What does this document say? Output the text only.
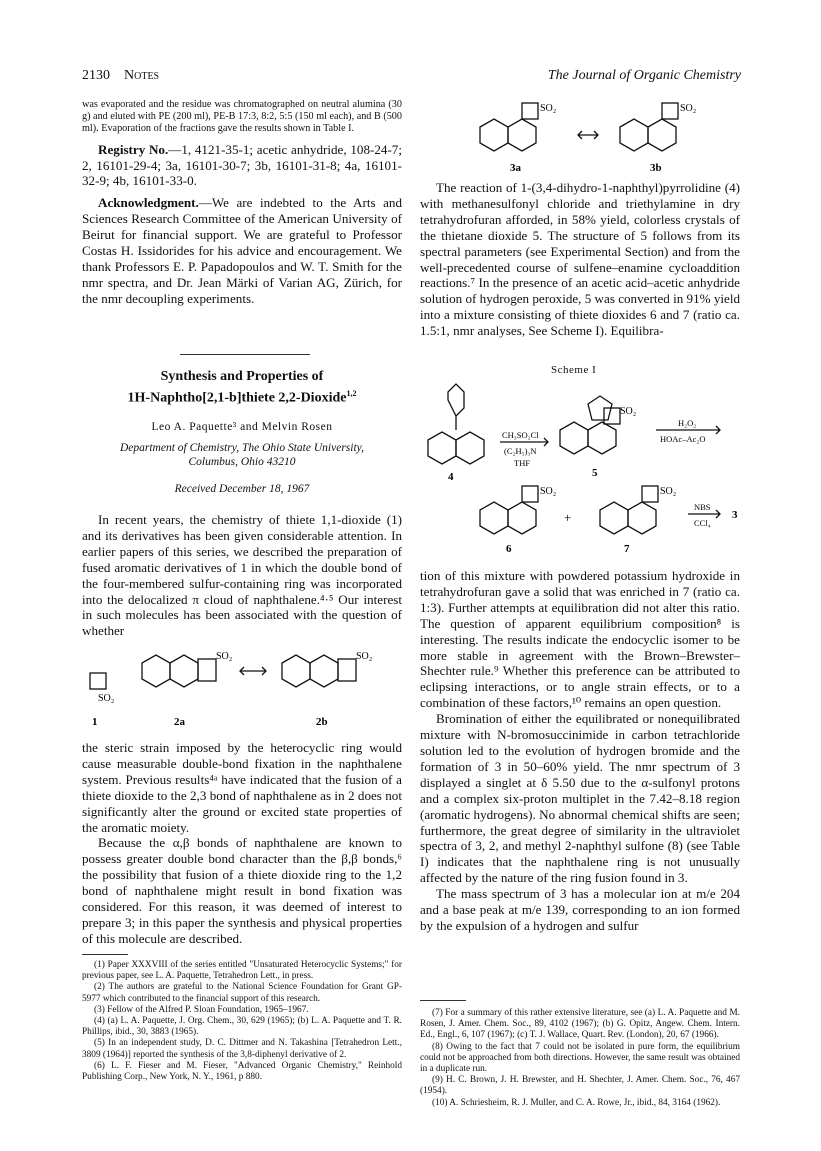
2130 Notes	The Journal of Organic Chemistry

was evaporated and the residue was chromatographed on neutral alumina (30 g) and eluted with PE (200 ml), PE-B 17:3, 8:2, 5:5 (150 ml each), and B (500 ml). Evaporation of the fractions gave the results shown in Table I.

Registry No.—1, 4121-35-1; acetic anhydride, 108-24-7; 2, 16101-29-4; 3a, 16101-30-7; 3b, 16101-31-8; 4a, 16101-32-9; 4b, 16101-33-0.

Acknowledgment.—We are indebted to the Arts and Sciences Research Committee of the American University of Beirut for financial support. We are grateful to Professor Costas H. Issidorides for his advice and encouragement. We thank Professors E. P. Papadopoulos and W. T. Smith for the nmr spectra, and Dr. Jean Märki of Varian AG, Zürich, for the nmr decoupling experiments.

Synthesis and Properties of
1H-Naphtho[2,1-b]thiete 2,2-Dioxide$^{1,2}$
Leo A. Paquette³ and Melvin Rosen
Department of Chemistry, The Ohio State University,
Columbus, Ohio 43210
Received December 18, 1967

In recent years, the chemistry of thiete 1,1-dioxide (1) and its derivatives has been given considerable attention. In earlier papers of this series, we described the preparation of fused aromatic derivatives of 1 in which the double bond of the four-membered sulfur-containing ring was incorporated into the delocalized π cloud of naphthalene.⁴·⁵ Our interest in such molecules has been associated with the question of whether

SO₂
SO₂	SO₂
1	2a	2b

the steric strain imposed by the heterocyclic ring would cause measurable double-bond fixation in the naphthalene system. Previous results⁴ᵃ have indicated that the fusion of a thiete dioxide to the 2,3 bond of naphthalene as in 2 does not significantly alter the ground or excited state properties of the aromatic moiety.

Because the α,β bonds of naphthalene are known to possess greater double bond character than the β,β bonds,⁶ the possibility that fusion of a thiete dioxide ring to the 1,2 bond of naphthalene might result in bond fixation was considered. For this reason, it was deemed of interest to prepare 3; in this paper the synthesis and physical properties of this molecule are described.

(1) Paper XXXVIII of the series entitled "Unsaturated Heterocyclic Systems;" for previous paper, see L. A. Paquette, Tetrahedron Lett., in press.

(2) The authors are grateful to the National Science Foundation for Grant GP-5977 which contributed to the financial support of this research.

(3) Fellow of the Alfred P. Sloan Foundation, 1965–1967.

(4) (a) L. A. Paquette, J. Org. Chem., 30, 629 (1965); (b) L. A. Paquette and T. R. Phillips, ibid., 30, 3883 (1965).

(5) In an independent study, D. C. Dittmer and N. Takashina [Tetrahedron Lett., 3809 (1964)] reported the synthesis of the 3,8-diphenyl derivative of 2.

(6) L. F. Fieser and M. Fieser, "Advanced Organic Chemistry," Reinhold Publishing Corp., New York, N. Y., 1961, p 880.

SO₂	SO₂
3a	3b

The reaction of 1-(3,4-dihydro-1-naphthyl)pyrrolidine (4) with methanesulfonyl chloride and triethylamine in dry tetrahydrofuran afforded, in 58% yield, colorless crystals of the thietane dioxide 5. The structure of 5 follows from its spectral parameters (see Experimental Section) and from the well-precedented course of sulfene–enamine cycloaddition reactions.⁷ In the presence of an acetic acid–acetic anhydride solution of hydrogen peroxide, 5 was converted in 91% yield into a mixture consisting of thiete dioxides 6 and 7 (ratio ca. 1.5:1, nmr analyses, See Scheme I). Equilibra-

Scheme I
4	5
SO₂
CH₃SO₂Cl
(C₂H₅)₃N
THF
H₂O₂
HOAc–Ac₂O
SO₂	SO₂
+
NBS
CCl₄
3
6	7

tion of this mixture with powdered potassium hydroxide in tetrahydrofuran gave a solid that was enriched in 7 (ratio ca. 1:3). Further attempts at equilibration did not alter this ratio. The question of apparent equilibrium composition⁸ is interesting. The results indicate the endocyclic isomer to be more stable in agreement with the Brown–Brewster–Shechter rule.⁹ Whether this preference can be attributed to eclipsing interactions, or to angle strain effects, or to a combination of these factors,¹⁰ remains an open question.

Bromination of either the equilibrated or nonequilibrated mixture with N-bromosuccinimide in carbon tetrachloride solution led to the evolution of hydrogen bromide and the formation of 3 in 50–60% yield. The nmr spectrum of 3 displayed a singlet at δ 5.50 due to the α-sulfonyl protons and a complex six-proton multiplet in the 7.42–8.18 region (aromatic hydrogens). No abnormal chemical shifts are seen; furthermore, the great degree of similarity in the ultraviolet spectra of 3, 2, and methyl 2-naphthyl sulfone (8) (see Table I) indicates that the naphthalene ring is not unusually affected by the nature of the ring fusion found in 3.

The mass spectrum of 3 has a molecular ion at m/e 204 and a base peak at m/e 139, corresponding to an ion formed by the expulsion of a hydrogen and sulfur

(7) For a summary of this rather extensive literature, see (a) L. A. Paquette and M. Rosen, J. Amer. Chem. Soc., 89, 4102 (1967); (b) G. Opitz, Angew. Chem. Intern. Ed., Engl., 6, 107 (1967); (c) T. J. Wallace, Quart. Rev. (London), 20, 67 (1966).

(8) Owing to the fact that 7 could not be isolated in pure form, the equilibrium could not be approached from both directions. However, the same result was obtained in a duplicate run.

(9) H. C. Brown, J. H. Brewster, and H. Shechter, J. Amer. Chem. Soc., 76, 467 (1954).

(10) A. Schriesheim, R. J. Muller, and C. A. Rowe, Jr., ibid., 84, 3164 (1962).
